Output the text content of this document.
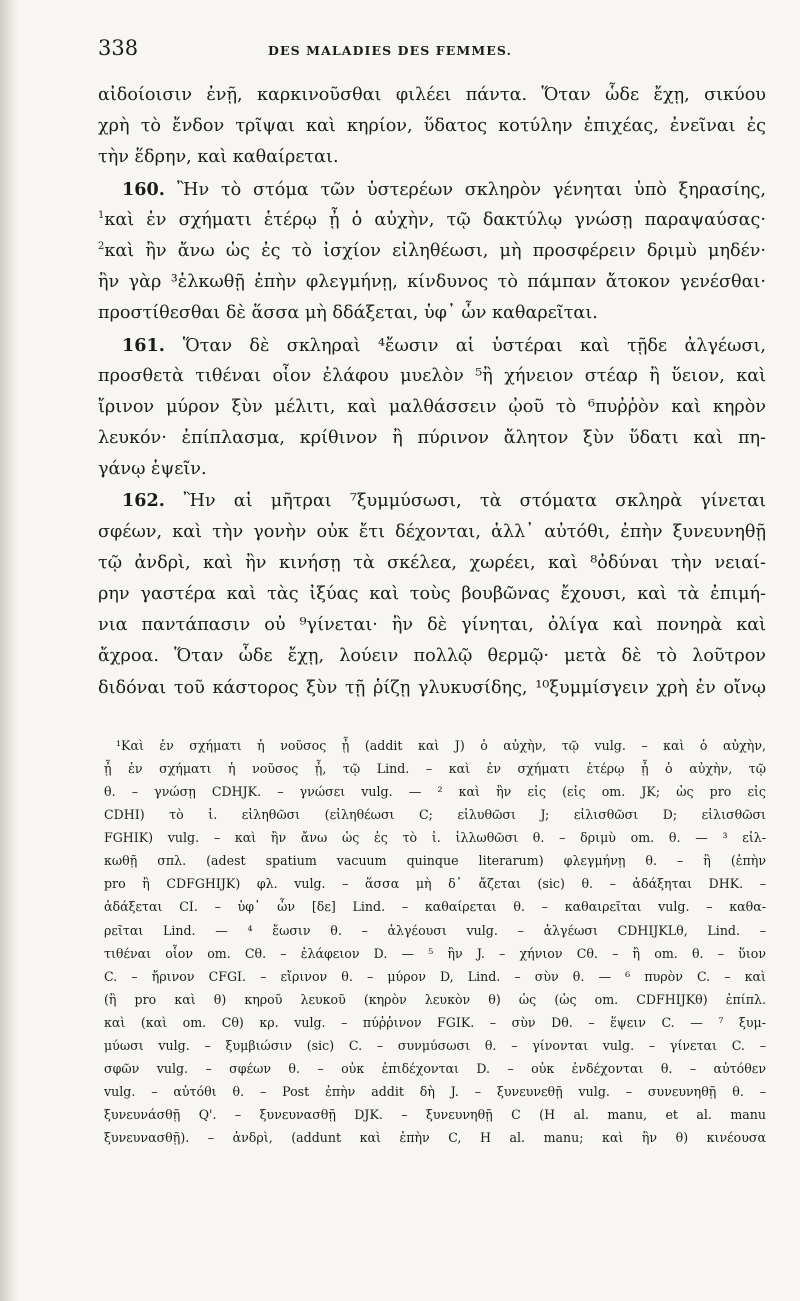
338	DES MALADIES DES FEMMES.
αἰδοίοισιν ἐνῇ, καρκινοῦσθαι φιλέει πάντα. Ὅταν ὧδε ἔχῃ, σικύου
χρὴ τὸ ἔνδον τρῖψαι καὶ κηρίον, ὕδατος κοτύλην ἐπιχέας, ἐνεῖναι ἐς
τὴν ἕδρην, καὶ καθαίρεται.
160. Ἢν τὸ στόμα τῶν ὑστερέων σκληρὸν γένηται ὑπὸ ξηρασίης,
$^1$καὶ ἐν σχήματι ἑτέρῳ ᾖ ὁ αὐχὴν, τῷ δακτύλῳ γνώσῃ παραψαύσας·
$^2$καὶ ἢν ἄνω ὡς ἐς τὸ ἰσχίον εἰληθέωσι, μὴ προσφέρειν δριμὺ μηδέν·
ἢν γὰρ ³ἑλκωθῇ ἐπὴν φλεγμήνῃ, κίνδυνος τὸ πάμπαν ἄτοκον γενέσθαι·
προστίθεσθαι δὲ ἅσσα μὴ δδάξεται, ὑφ᾽ ὧν καθαρεῖται.
161. Ὅταν δὲ σκληραὶ ⁴ἔωσιν αἱ ὑστέραι καὶ τῇδε ἀλγέωσι,
προσθετὰ τιθέναι οἷον ἐλάφου μυελὸν ⁵ἢ χήνειον στέαρ ἢ ὕειον, καὶ
ἴρινον μύρον ξὺν μέλιτι, καὶ μαλθάσσειν ᾠοῦ τὸ ⁶πυῤῥὸν καὶ κηρὸν
λευκόν· ἐπίπλασμα, κρίθινον ἢ πύρινον ἄλητον ξὺν ὕδατι καὶ πη-
γάνῳ ἑψεῖν.
162. Ἢν αἱ μῆτραι ⁷ξυμμύσωσι, τὰ στόματα σκληρὰ γίνεται
σφέων, καὶ τὴν γονὴν οὐκ ἔτι δέχονται, ἀλλ᾽ αὐτόθι, ἐπὴν ξυνευνηθῇ
τῷ ἀνδρὶ, καὶ ἢν κινήσῃ τὰ σκέλεα, χωρέει, καὶ ⁸ὀδύναι τὴν νειαί-
ρην γαστέρα καὶ τὰς ἰξύας καὶ τοὺς βουβῶνας ἔχουσι, καὶ τὰ ἐπιμή-
νια παντάπασιν οὐ ⁹γίνεται· ἢν δὲ γίνηται, ὀλίγα καὶ πονηρὰ καὶ
ἄχροα. Ὅταν ὧδε ἔχῃ, λούειν πολλῷ θερμῷ· μετὰ δὲ τὸ λοῦτρον
διδόναι τοῦ κάστορος ξὺν τῇ ῥίζῃ γλυκυσίδης, ¹⁰ξυμμίσγειν χρὴ ἐν οἴνῳ
¹Καὶ ἐν σχήματι ἡ νοῦσος ᾖ (addit καὶ J) ὁ αὐχὴν, τῷ vulg. – καὶ ὁ αὐχὴν,
ᾖ ἐν σχήματι ἡ νοῦσος ᾖ, τῷ Lind. – καὶ ἐν σχήματι ἑτέρῳ ᾖ ὁ αὐχὴν, τῷ
θ. – γνώσῃ CDHJK. – γνώσει vulg. — ² καὶ ἢν εἰς (εἰς om. JK; ὡς pro εἰς
CDHI) τὸ ἰ. εἰληθῶσι (εἰληθέωσι C; εἰλυθῶσι J; εἰλισθῶσι D; εἰλισθῶσι
FGHIK) vulg. – καὶ ἢν ἄνω ὡς ἐς τὸ ἰ. ἰλλωθῶσι θ. – δριμὺ om. θ. — ³ εἰλ-
κωθῇ σπλ. (adest spatium vacuum quinque literarum) φλεγμήνῃ θ. – ἢ (ἐπὴν
pro ἢ CDFGHIJK) φλ. vulg. – ἅσσα μὴ δ᾽ ἄζεται (sic) θ. – ἀδάξηται DHK. –
ἀδάξεται CI. – ὑφ᾽ ὧν [δε] Lind. – καθαίρεται θ. – καθαιρεῖται vulg. – καθα-
ρεῖται Lind. — ⁴ ἔωσιν θ. – ἀλγέουσι vulg. – ἀλγέωσι CDHIJKLθ, Lind. –
τιθέναι οἷον om. Cθ. – ἐλάφειον D. — ⁵ ἢν J. – χήνιον Cθ. – ἢ om. θ. – ὕιον
C. – ἤρινον CFGI. – εἴρινον θ. – μύρον D, Lind. – σὺν θ. — ⁶ πυρὸν C. – καὶ
(ἢ pro καὶ θ) κηροῦ λευκοῦ (κηρὸν λευκὸν θ) ὡς (ὡς om. CDFHIJKθ) ἐπίπλ.
καὶ (καὶ om. Cθ) κρ. vulg. – πύῤῥινον FGIK. – σὺν Dθ. – ἕψειν C. — ⁷ ξυμ-
μύωσι vulg. – ξυμβιώσιν (sic) C. – συνμύσωσι θ. – γίνονται vulg. – γίνεται C. –
σφῶν vulg. – σφέων θ. – οὐκ ἐπιδέχονται D. – οὐκ ἐνδέχονται θ. – αὐτόθεν
vulg. – αὐτόθι θ. – Post ἐπὴν addit δὴ J. – ξυνευνεθῇ vulg. – συνευνηθῇ θ. –
ξυνευνάσθῇ Q'. – ξυνευνασθῇ DJK. – ξυνευνηθῇ C (H al. manu, et al. manu
ξυνευνασθῇ). – ἀνδρὶ, (addunt καὶ ἐπὴν C, H al. manu; καὶ ἢν θ) κινέουσα
